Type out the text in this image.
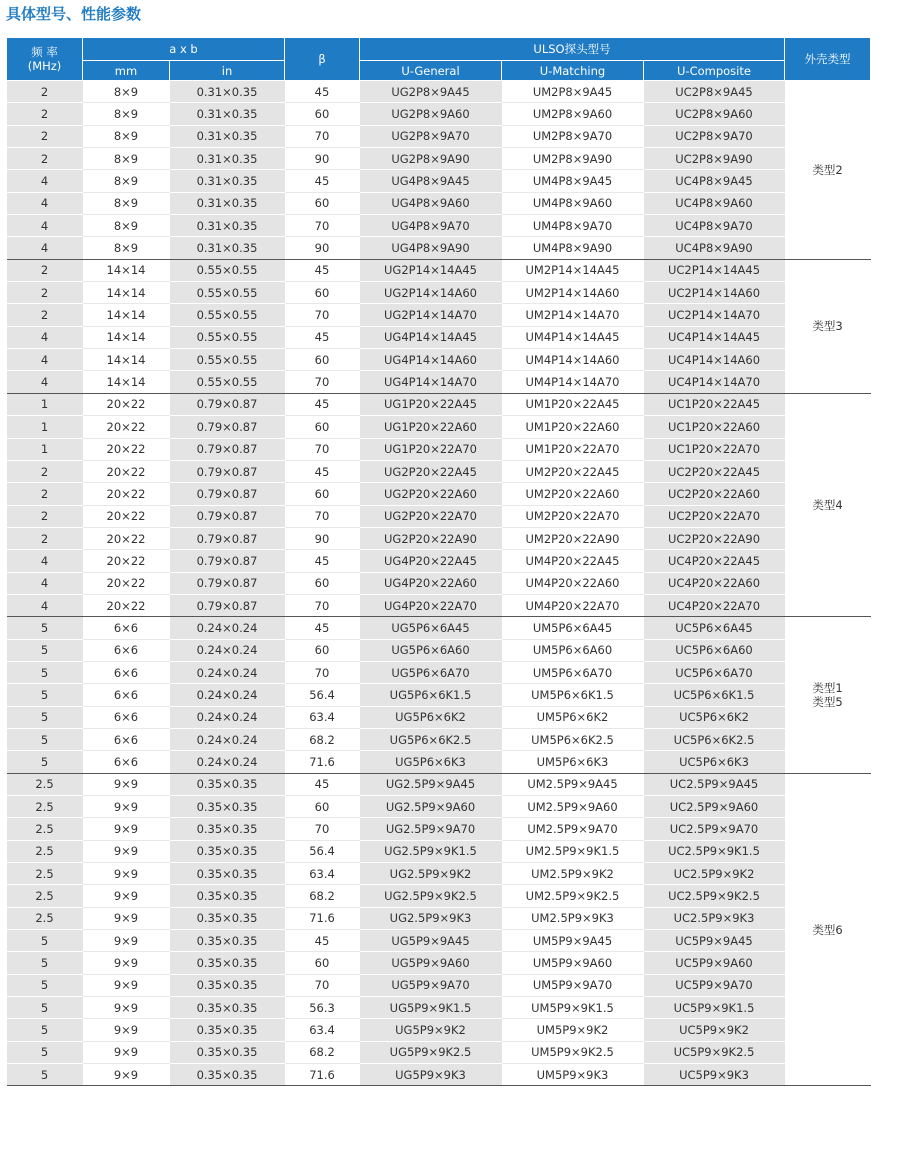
具体型号、性能参数
频 率
(MHz)	a x b		β	ULSO探头型号			外壳类型
	mm	in		U-General	U-Matching	U-Composite	
2	8×9	0.31×0.35	45	UG2P8×9A45	UM2P8×9A45	UC2P8×9A45	类型2

2	8×9	0.31×0.35	60	UG2P8×9A60	UM2P8×9A60	UC2P8×9A60	
2	8×9	0.31×0.35	70	UG2P8×9A70	UM2P8×9A70	UC2P8×9A70	
2	8×9	0.31×0.35	90	UG2P8×9A90	UM2P8×9A90	UC2P8×9A90	
4	8×9	0.31×0.35	45	UG4P8×9A45	UM4P8×9A45	UC4P8×9A45	
4	8×9	0.31×0.35	60	UG4P8×9A60	UM4P8×9A60	UC4P8×9A60	
4	8×9	0.31×0.35	70	UG4P8×9A70	UM4P8×9A70	UC4P8×9A70	
4	8×9	0.31×0.35	90	UG4P8×9A90	UM4P8×9A90	UC4P8×9A90	
2	14×14	0.55×0.55	45	UG2P14×14A45	UM2P14×14A45	UC2P14×14A45	类型3

2	14×14	0.55×0.55	60	UG2P14×14A60	UM2P14×14A60	UC2P14×14A60	
2	14×14	0.55×0.55	70	UG2P14×14A70	UM2P14×14A70	UC2P14×14A70	
4	14×14	0.55×0.55	45	UG4P14×14A45	UM4P14×14A45	UC4P14×14A45	
4	14×14	0.55×0.55	60	UG4P14×14A60	UM4P14×14A60	UC4P14×14A60	
4	14×14	0.55×0.55	70	UG4P14×14A70	UM4P14×14A70	UC4P14×14A70	
1	20×22	0.79×0.87	45	UG1P20×22A45	UM1P20×22A45	UC1P20×22A45	类型4

1	20×22	0.79×0.87	60	UG1P20×22A60	UM1P20×22A60	UC1P20×22A60	
1	20×22	0.79×0.87	70	UG1P20×22A70	UM1P20×22A70	UC1P20×22A70	
2	20×22	0.79×0.87	45	UG2P20×22A45	UM2P20×22A45	UC2P20×22A45	
2	20×22	0.79×0.87	60	UG2P20×22A60	UM2P20×22A60	UC2P20×22A60	
2	20×22	0.79×0.87	70	UG2P20×22A70	UM2P20×22A70	UC2P20×22A70	
2	20×22	0.79×0.87	90	UG2P20×22A90	UM2P20×22A90	UC2P20×22A90	
4	20×22	0.79×0.87	45	UG4P20×22A45	UM4P20×22A45	UC4P20×22A45	
4	20×22	0.79×0.87	60	UG4P20×22A60	UM4P20×22A60	UC4P20×22A60	
4	20×22	0.79×0.87	70	UG4P20×22A70	UM4P20×22A70	UC4P20×22A70	
5	6×6	0.24×0.24	45	UG5P6×6A45	UM5P6×6A45	UC5P6×6A45	类型1
类型5

5	6×6	0.24×0.24	60	UG5P6×6A60	UM5P6×6A60	UC5P6×6A60	
5	6×6	0.24×0.24	70	UG5P6×6A70	UM5P6×6A70	UC5P6×6A70	
5	6×6	0.24×0.24	56.4	UG5P6×6K1.5	UM5P6×6K1.5	UC5P6×6K1.5	
5	6×6	0.24×0.24	63.4	UG5P6×6K2	UM5P6×6K2	UC5P6×6K2	
5	6×6	0.24×0.24	68.2	UG5P6×6K2.5	UM5P6×6K2.5	UC5P6×6K2.5	
5	6×6	0.24×0.24	71.6	UG5P6×6K3	UM5P6×6K3	UC5P6×6K3	
2.5	9×9	0.35×0.35	45	UG2.5P9×9A45	UM2.5P9×9A45	UC2.5P9×9A45	类型6

2.5	9×9	0.35×0.35	60	UG2.5P9×9A60	UM2.5P9×9A60	UC2.5P9×9A60	
2.5	9×9	0.35×0.35	70	UG2.5P9×9A70	UM2.5P9×9A70	UC2.5P9×9A70	
2.5	9×9	0.35×0.35	56.4	UG2.5P9×9K1.5	UM2.5P9×9K1.5	UC2.5P9×9K1.5	
2.5	9×9	0.35×0.35	63.4	UG2.5P9×9K2	UM2.5P9×9K2	UC2.5P9×9K2	
2.5	9×9	0.35×0.35	68.2	UG2.5P9×9K2.5	UM2.5P9×9K2.5	UC2.5P9×9K2.5	
2.5	9×9	0.35×0.35	71.6	UG2.5P9×9K3	UM2.5P9×9K3	UC2.5P9×9K3	
5	9×9	0.35×0.35	45	UG5P9×9A45	UM5P9×9A45	UC5P9×9A45	
5	9×9	0.35×0.35	60	UG5P9×9A60	UM5P9×9A60	UC5P9×9A60	
5	9×9	0.35×0.35	70	UG5P9×9A70	UM5P9×9A70	UC5P9×9A70	
5	9×9	0.35×0.35	56.3	UG5P9×9K1.5	UM5P9×9K1.5	UC5P9×9K1.5	
5	9×9	0.35×0.35	63.4	UG5P9×9K2	UM5P9×9K2	UC5P9×9K2	
5	9×9	0.35×0.35	68.2	UG5P9×9K2.5	UM5P9×9K2.5	UC5P9×9K2.5	
5	9×9	0.35×0.35	71.6	UG5P9×9K3	UM5P9×9K3	UC5P9×9K3	
